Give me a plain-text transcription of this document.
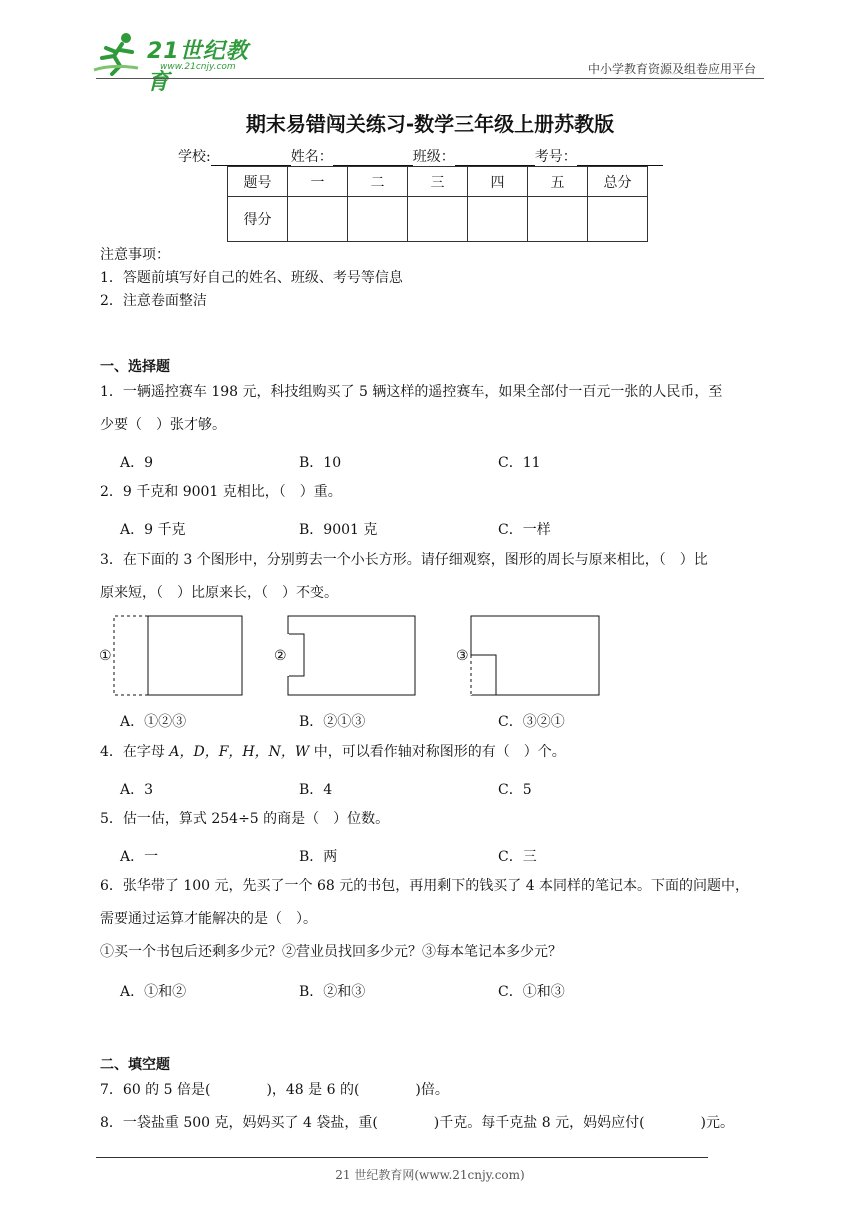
21世纪教育
www.21cnjy.com	中小学教育资源及组卷应用平台
期末易错闯关练习-数学三年级上册苏教版
学校:	姓名：	班级：	考号：
题号	一	二	三	四	五	总分
得分						
注意事项：
1．答题前填写好自己的姓名、班级、考号等信息
2．注意卷面整洁
一、选择题
1．一辆遥控赛车 198 元，科技组购买了 5 辆这样的遥控赛车，如果全部付一百元一张的人民币，至
少要（　）张才够。
A．9	B．10	C．11
2．9 千克和 9001 克相比，（　）重。
A．9 千克	B．9001 克	C．一样
3．在下面的 3 个图形中，分别剪去一个小长方形。请仔细观察，图形的周长与原来相比，（　）比
原来短，（　）比原来长，（　）不变。
①	②	③
A．①②③	B．②①③	C．③②①
4．在字母 A，D，F，H，N，W 中，可以看作轴对称图形的有（　）个。
A．3	B．4	C．5
5．估一估，算式 254÷5 的商是（　）位数。
A．一	B．两	C．三
6．张华带了 100 元，先买了一个 68 元的书包，再用剩下的钱买了 4 本同样的笔记本。下面的问题中，
需要通过运算才能解决的是（　）。
①买一个书包后还剩多少元？②营业员找回多少元？③每本笔记本多少元？
A．①和②	B．②和③	C．①和③
二、填空题
7．60 的 5 倍是(　　　　)，48 是 6 的(　　　　)倍。
8．一袋盐重 500 克，妈妈买了 4 袋盐，重(　　　　)千克。每千克盐 8 元，妈妈应付(　　　　)元。
21 世纪教育网(www.21cnjy.com)
